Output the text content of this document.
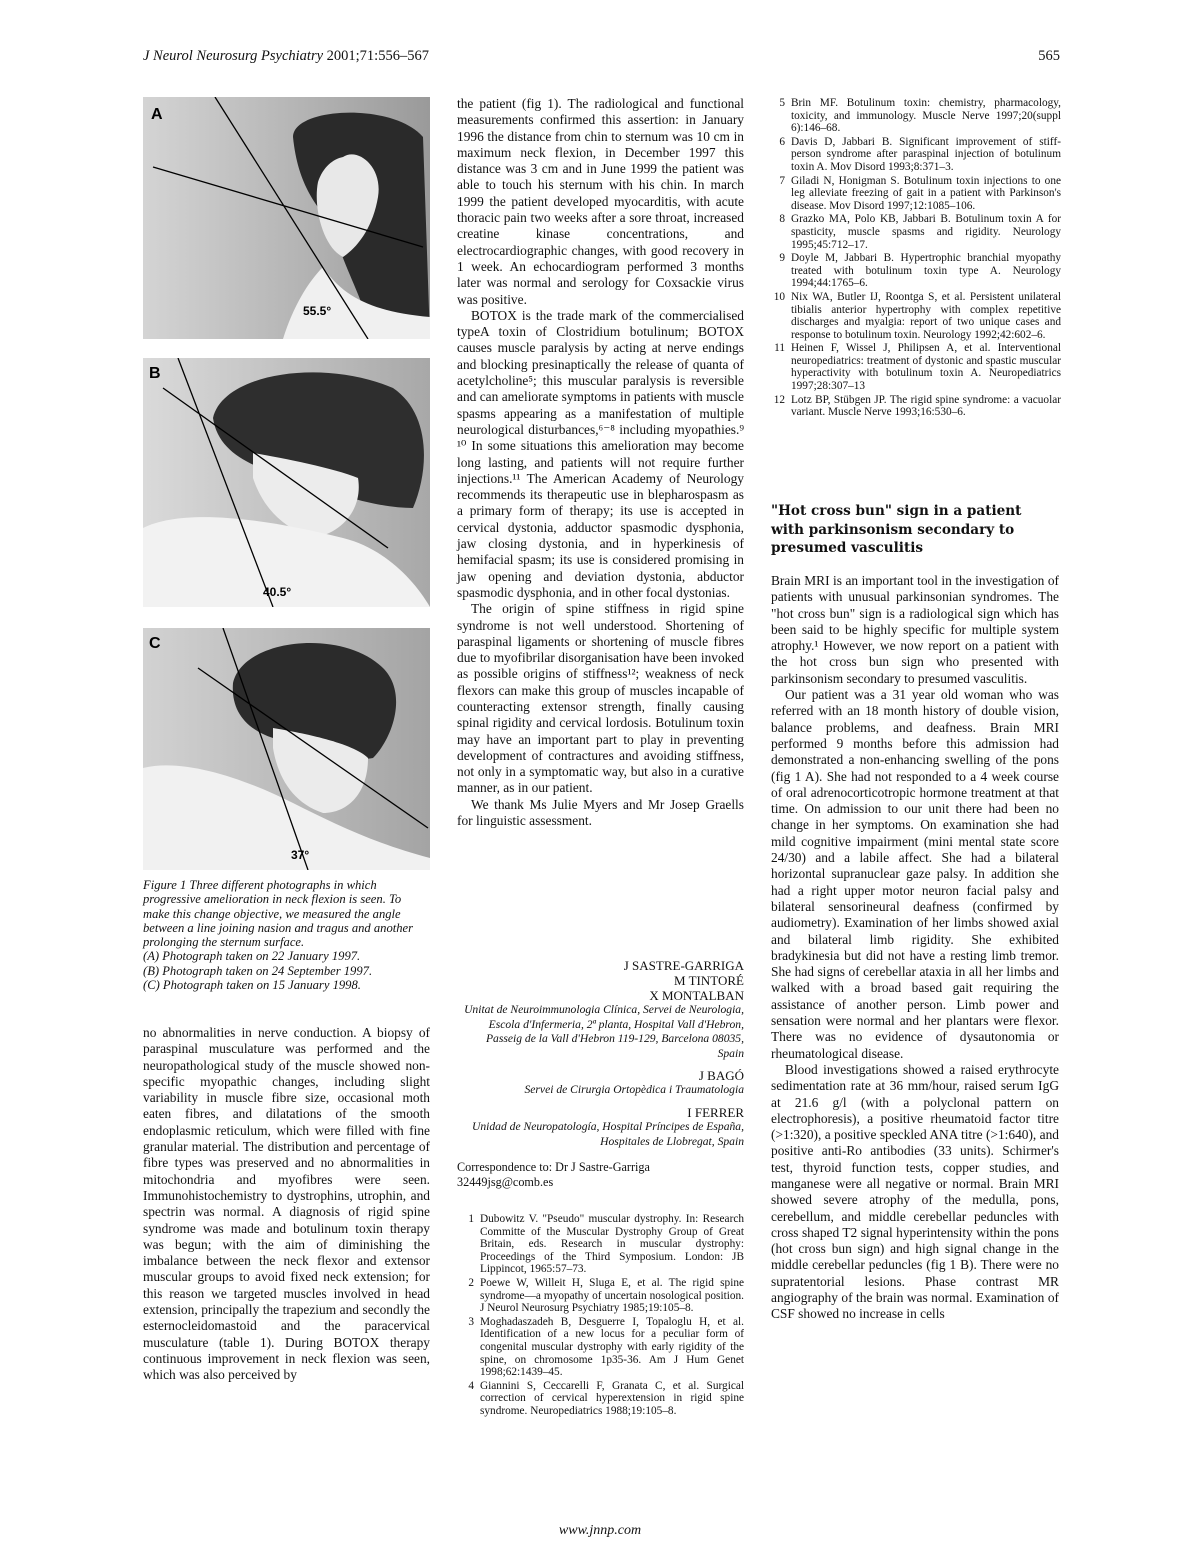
J Neurol Neurosurg Psychiatry 2001;71:556–567	565
A
55.5°
B
40.5°
C
37°
Figure 1 Three different photographs in which progressive amelioration in neck flexion is seen. To make this change objective, we measured the angle between a line joining nasion and tragus and another prolonging the sternum surface.
(A) Photograph taken on 22 January 1997.
(B) Photograph taken on 24 September 1997.
(C) Photograph taken on 15 January 1998.

no abnormalities in nerve conduction. A biopsy of paraspinal musculature was performed and the neuropathological study of the muscle showed non-specific myopathic changes, including slight variability in muscle fibre size, occasional moth eaten fibres, and dilatations of the smooth endoplasmic reticulum, which were filled with fine granular material. The distribution and percentage of fibre types was preserved and no abnormalities in mitochondria and myofibres were seen. Immunohistochemistry to dystrophins, utrophin, and spectrin was normal. A diagnosis of rigid spine syndrome was made and botulinum toxin therapy was begun; with the aim of diminishing the imbalance between the neck flexor and extensor muscular groups to avoid fixed neck extension; for this reason we targeted muscles involved in head extension, principally the trapezium and secondly the esternocleidomastoid and the paracervical musculature (table 1). During BOTOX therapy continuous improvement in neck flexion was seen, which was also perceived by

the patient (fig 1). The radiological and functional measurements confirmed this assertion: in January 1996 the distance from chin to sternum was 10 cm in maximum neck flexion, in December 1997 this distance was 3 cm and in June 1999 the patient was able to touch his sternum with his chin. In march 1999 the patient developed myocarditis, with acute thoracic pain two weeks after a sore throat, increased creatine kinase concentrations, and electrocardiographic changes, with good recovery in 1 week. An echocardiogram performed 3 months later was normal and serology for Coxsackie virus was positive.

BOTOX is the trade mark of the commercialised typeA toxin of Clostridium botulinum; BOTOX causes muscle paralysis by acting at nerve endings and blocking presinaptically the release of quanta of acetylcholine⁵; this muscular paralysis is reversible and can ameliorate symptoms in patients with muscle spasms appearing as a manifestation of multiple neurological disturbances,⁶⁻⁸ including myopathies.⁹ ¹⁰ In some situations this amelioration may become long lasting, and patients will not require further injections.¹¹ The American Academy of Neurology recommends its therapeutic use in blepharospasm as a primary form of therapy; its use is accepted in cervical dystonia, adductor spasmodic dysphonia, jaw closing dystonia, and in hyperkinesis of hemifacial spasm; its use is considered promising in jaw opening and deviation dystonia, abductor spasmodic dysphonia, and in other focal dystonias.

The origin of spine stiffness in rigid spine syndrome is not well understood. Shortening of paraspinal ligaments or shortening of muscle fibres due to myofibrilar disorganisation have been invoked as possible origins of stiffness¹²; weakness of neck flexors can make this group of muscles incapable of counteracting extensor strength, finally causing spinal rigidity and cervical lordosis. Botulinum toxin may have an important part to play in preventing development of contractures and avoiding stiffness, not only in a symptomatic way, but also in a curative manner, as in our patient.

We thank Ms Julie Myers and Mr Josep Graells for linguistic assessment.

J SASTRE-GARRIGA
M TINTORÉ
X MONTALBAN
Unitat de Neuroimmunologia Clínica, Servei de Neurologia, Escola d'Infermeria, 2ª planta, Hospital Vall d'Hebron, Passeig de la Vall d'Hebron 119-129, Barcelona 08035, Spain
J BAGÓ
Servei de Cirurgia Ortopèdica i Traumatologia
I FERRER
Unidad de Neuropatología, Hospital Príncipes de España, Hospitales de Llobregat, Spain
Correspondence to: Dr J Sastre-Garriga
32449jsg@comb.es
1 Dubowitz V. "Pseudo" muscular dystrophy. In: Research Committe of the Muscular Dystrophy Group of Great Britain, eds. Research in muscular dystrophy: Proceedings of the Third Symposium. London: JB Lippincot, 1965:57–73.
2 Poewe W, Willeit H, Sluga E, et al. The rigid spine syndrome—a myopathy of uncertain nosological position. J Neurol Neurosurg Psychiatry 1985;19:105–8.
3 Moghadaszadeh B, Desguerre I, Topaloglu H, et al. Identification of a new locus for a peculiar form of congenital muscular dystrophy with early rigidity of the spine, on chromosome 1p35-36. Am J Hum Genet 1998;62:1439–45.
4 Giannini S, Ceccarelli F, Granata C, et al. Surgical correction of cervical hyperextension in rigid spine syndrome. Neuropediatrics 1988;19:105–8.
5 Brin MF. Botulinum toxin: chemistry, pharmacology, toxicity, and immunology. Muscle Nerve 1997;20(suppl 6):146–68.
6 Davis D, Jabbari B. Significant improvement of stiff-person syndrome after paraspinal injection of botulinum toxin A. Mov Disord 1993;8:371–3.
7 Giladi N, Honigman S. Botulinum toxin injections to one leg alleviate freezing of gait in a patient with Parkinson's disease. Mov Disord 1997;12:1085–106.
8 Grazko MA, Polo KB, Jabbari B. Botulinum toxin A for spasticity, muscle spasms and rigidity. Neurology 1995;45:712–17.
9 Doyle M, Jabbari B. Hypertrophic branchial myopathy treated with botulinum toxin type A. Neurology 1994;44:1765–6.
10 Nix WA, Butler IJ, Roontga S, et al. Persistent unilateral tibialis anterior hypertrophy with complex repetitive discharges and myalgia: report of two unique cases and response to botulinum toxin. Neurology 1992;42:602–6.
11 Heinen F, Wissel J, Philipsen A, et al. Interventional neuropediatrics: treatment of dystonic and spastic muscular hyperactivity with botulinum toxin A. Neuropediatrics 1997;28:307–13
12 Lotz BP, Stübgen JP. The rigid spine syndrome: a vacuolar variant. Muscle Nerve 1993;16:530–6.
"Hot cross bun" sign in a patient with parkinsonism secondary to presumed vasculitis

Brain MRI is an important tool in the investigation of patients with unusual parkinsonian syndromes. The "hot cross bun" sign is a radiological sign which has been said to be highly specific for multiple system atrophy.¹ However, we now report on a patient with the hot cross bun sign who presented with parkinsonism secondary to presumed vasculitis.

Our patient was a 31 year old woman who was referred with an 18 month history of double vision, balance problems, and deafness. Brain MRI performed 9 months before this admission had demonstrated a non-enhancing swelling of the pons (fig 1 A). She had not responded to a 4 week course of oral adrenocorticotropic hormone treatment at that time. On admission to our unit there had been no change in her symptoms. On examination she had mild cognitive impairment (mini mental state score 24/30) and a labile affect. She had a bilateral horizontal supranuclear gaze palsy. In addition she had a right upper motor neuron facial palsy and bilateral sensorineural deafness (confirmed by audiometry). Examination of her limbs showed axial and bilateral limb rigidity. She exhibited bradykinesia but did not have a resting limb tremor. She had signs of cerebellar ataxia in all her limbs and walked with a broad based gait requiring the assistance of another person. Limb power and sensation were normal and her plantars were flexor. There was no evidence of dysautonomia or rheumatological disease.

Blood investigations showed a raised erythrocyte sedimentation rate at 36 mm/hour, raised serum IgG at 21.6 g/l (with a polyclonal pattern on electrophoresis), a positive rheumatoid factor titre (>1:320), a positive speckled ANA titre (>1:640), and positive anti-Ro antibodies (33 units). Schirmer's test, thyroid function tests, copper studies, and manganese were all negative or normal. Brain MRI showed severe atrophy of the medulla, pons, cerebellum, and middle cerebellar peduncles with cross shaped T2 signal hyperintensity within the pons (hot cross bun sign) and high signal change in the middle cerebellar peduncles (fig 1 B). There were no supratentorial lesions. Phase contrast MR angiography of the brain was normal. Examination of CSF showed no increase in cells

www.jnnp.com
